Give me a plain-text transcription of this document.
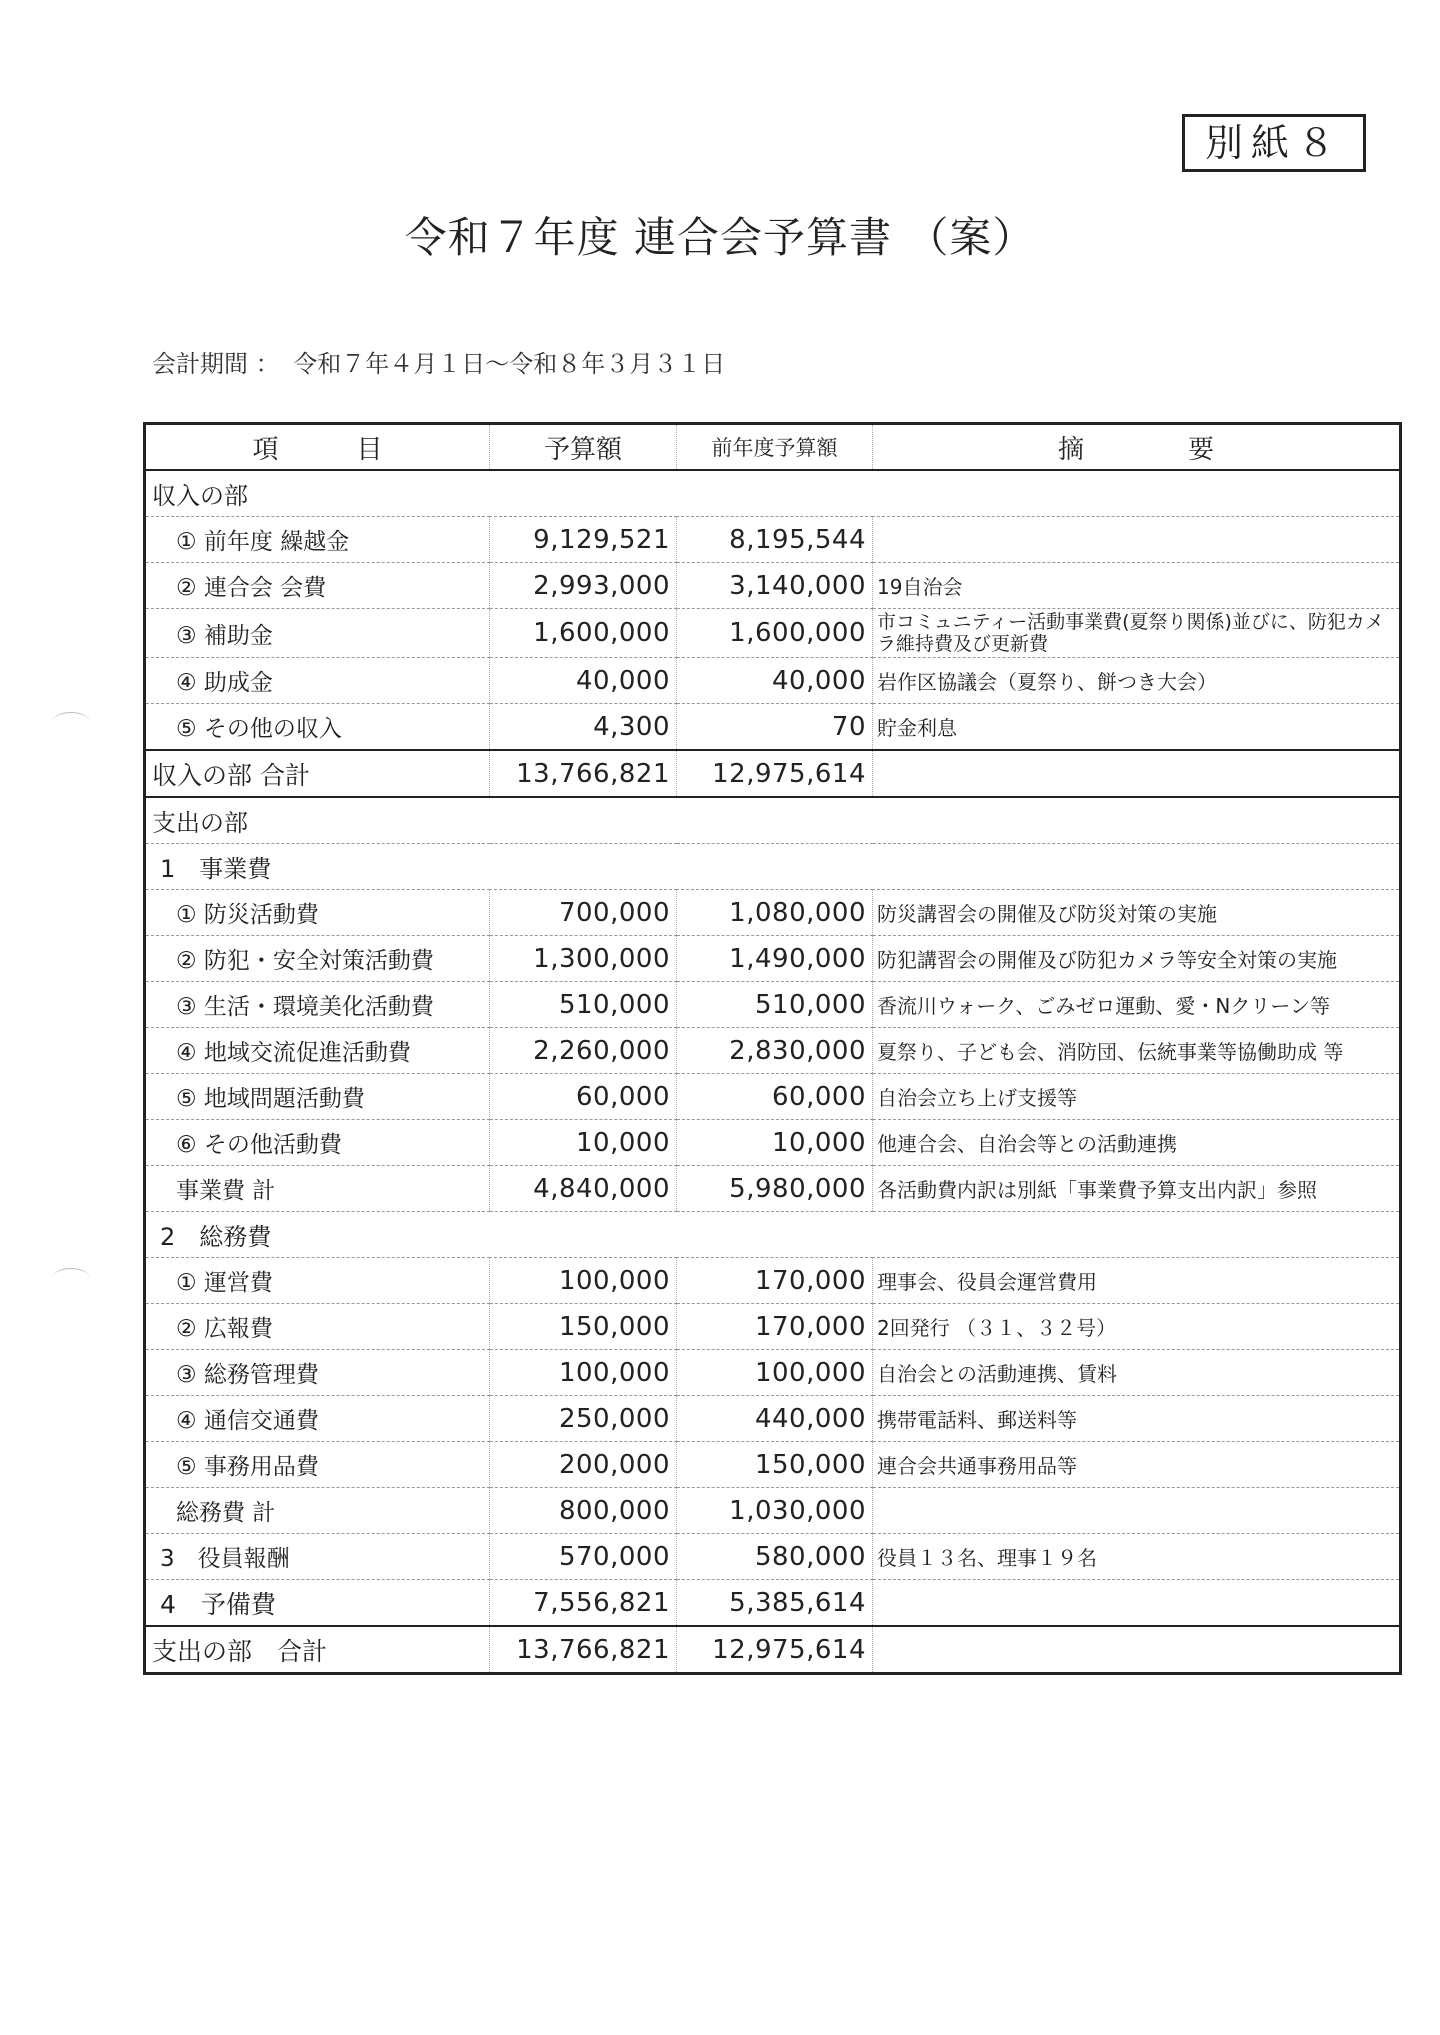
別紙８
令和７年度 連合会予算書 （案）
会計期間 ： 令和７年４月１日～令和８年３月３１日
項　　　目	予算額	前年度予算額	摘　　　　要
収入の部			
① 前年度 繰越金	9,129,521	8,195,544	
② 連合会 会費	2,993,000	3,140,000	19自治会
③ 補助金	1,600,000	1,600,000	市コミュニティー活動事業費(夏祭り関係)並びに、防犯カメラ維持費及び更新費
④ 助成金	40,000	40,000	岩作区協議会（夏祭り、餅つき大会）
⑤ その他の収入	4,300	70	貯金利息
収入の部 合計	13,766,821	12,975,614	
支出の部			
1　事業費			
① 防災活動費	700,000	1,080,000	防災講習会の開催及び防災対策の実施
② 防犯・安全対策活動費	1,300,000	1,490,000	防犯講習会の開催及び防犯カメラ等安全対策の実施
③ 生活・環境美化活動費	510,000	510,000	香流川ウォーク、ごみゼロ運動、愛・Nクリーン等
④ 地域交流促進活動費	2,260,000	2,830,000	夏祭り、子ども会、消防団、伝統事業等協働助成 等
⑤ 地域問題活動費	60,000	60,000	自治会立ち上げ支援等
⑥ その他活動費	10,000	10,000	他連合会、自治会等との活動連携
事業費 計	4,840,000	5,980,000	各活動費内訳は別紙「事業費予算支出内訳」参照
2　総務費			
① 運営費	100,000	170,000	理事会、役員会運営費用
② 広報費	150,000	170,000	2回発行 （３１、３２号）
③ 総務管理費	100,000	100,000	自治会との活動連携、賃料
④ 通信交通費	250,000	440,000	携帯電話料、郵送料等
⑤ 事務用品費	200,000	150,000	連合会共通事務用品等
総務費 計	800,000	1,030,000	
3　役員報酬	570,000	580,000	役員１３名、理事１９名
4　予備費	7,556,821	5,385,614	
支出の部　合計	13,766,821	12,975,614	
